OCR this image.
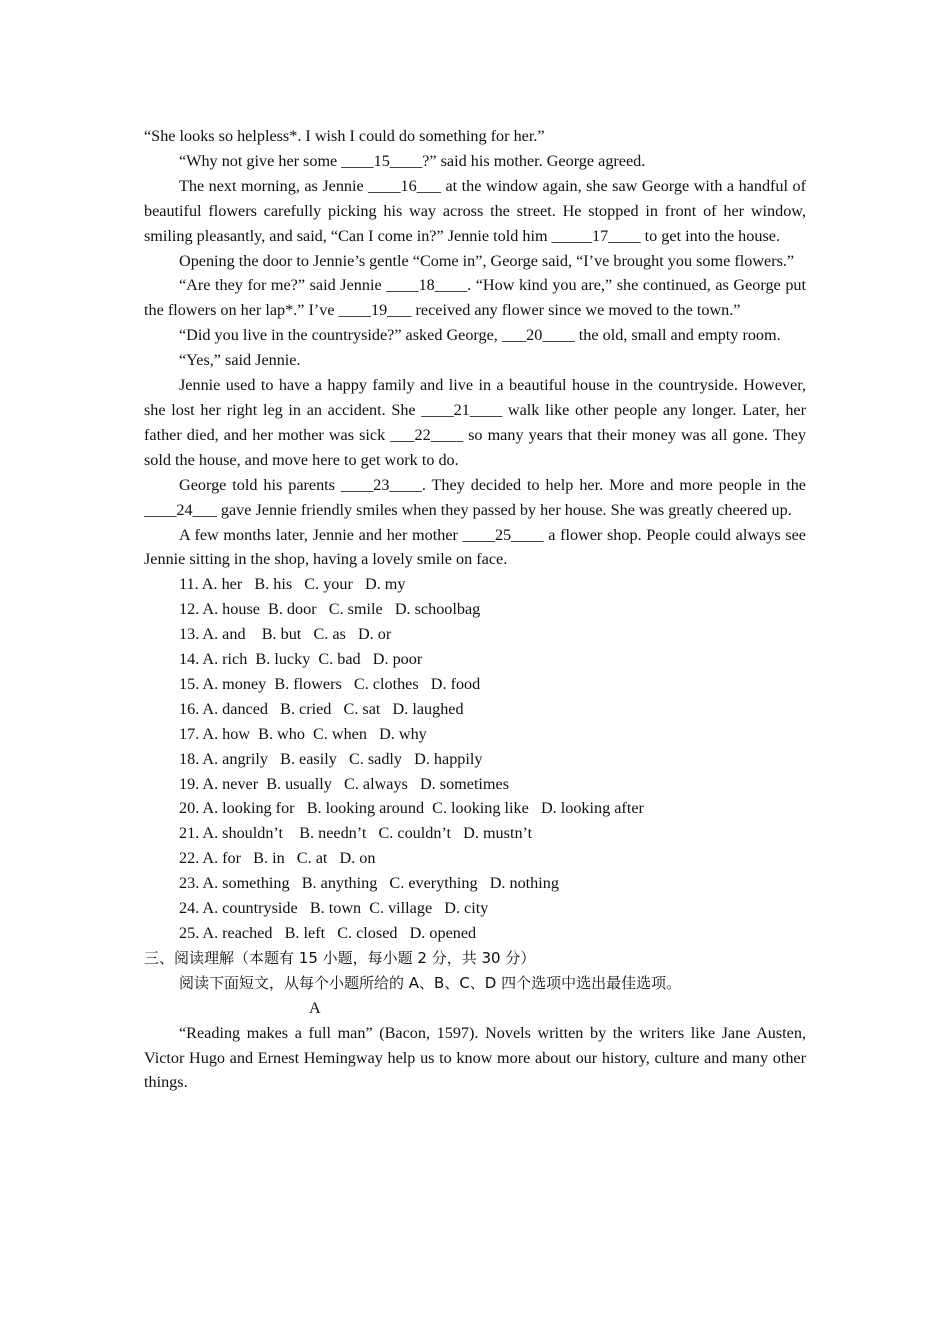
“She looks so helpless*. I wish I could do something for her.”

“Why not give her some ____15____?” said his mother. George agreed.

The next morning, as Jennie ____16___ at the window again, she saw George with a handful of beautiful flowers carefully picking his way across the street. He stopped in front of her window, smiling pleasantly, and said, “Can I come in?” Jennie told him _____17____ to get into the house.

Opening the door to Jennie’s gentle “Come in”, George said, “I’ve brought you some flowers.”

“Are they for me?” said Jennie ____18____. “How kind you are,” she continued, as George put the flowers on her lap*.” I’ve ____19___ received any flower since we moved to the town.”

“Did you live in the countryside?” asked George, ___20____ the old, small and empty room.

“Yes,” said Jennie.

Jennie used to have a happy family and live in a beautiful house in the countryside. However, she lost her right leg in an accident. She ____21____ walk like other people any longer. Later, her father died, and her mother was sick ___22____ so many years that their money was all gone. They sold the house, and move here to get work to do.

George told his parents ____23____. They decided to help her. More and more people in the ____24___ gave Jennie friendly smiles when they passed by her house. She was greatly cheered up.

A few months later, Jennie and her mother ____25____ a flower shop. People could always see Jennie sitting in the shop, having a lovely smile on face.

11. A. her   B. his   C. your   D. my

12. A. house  B. door   C. smile   D. schoolbag

13. A. and    B. but   C. as   D. or

14. A. rich  B. lucky  C. bad   D. poor

15. A. money  B. flowers   C. clothes   D. food

16. A. danced   B. cried   C. sat   D. laughed

17. A. how  B. who  C. when   D. why

18. A. angrily   B. easily   C. sadly   D. happily

19. A. never  B. usually   C. always   D. sometimes

20. A. looking for   B. looking around  C. looking like   D. looking after

21. A. shouldn’t    B. needn’t   C. couldn’t   D. mustn’t

22. A. for   B. in   C. at   D. on

23. A. something   B. anything   C. everything   D. nothing

24. A. countryside   B. town  C. village   D. city

25. A. reached   B. left   C. closed   D. opened

三、阅读理解（本题有 15 小题，每小题 2 分，共 30 分）

阅读下面短文，从每个小题所给的 A、B、C、D 四个选项中选出最佳选项。

A

“Reading makes a full man” (Bacon, 1597). Novels written by the writers like Jane Austen, Victor Hugo and Ernest Hemingway help us to know more about our history, culture and many other things.
